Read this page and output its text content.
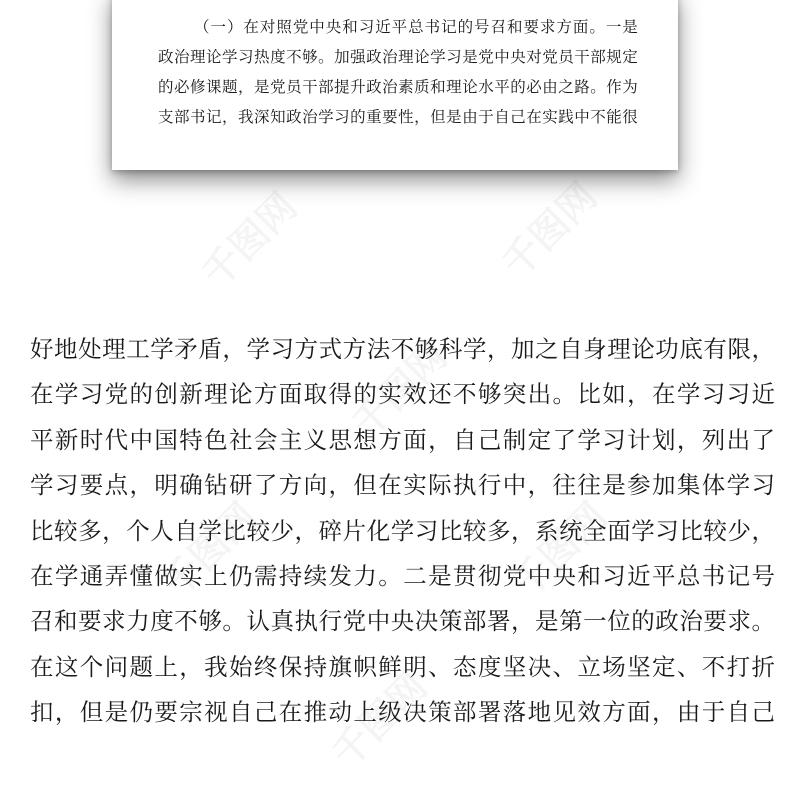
（一）在对照党中央和习近平总书记的号召和要求方面。一是
政治理论学习热度不够。加强政治理论学习是党中央对党员干部规定
的必修课题，是党员干部提升政治素质和理论水平的必由之路。作为
支部书记，我深知政治学习的重要性，但是由于自己在实践中不能很

好地处理工学矛盾，学习方式方法不够科学，加之自身理论功底有限，
在学习党的创新理论方面取得的实效还不够突出。比如，在学习习近
平新时代中国特色社会主义思想方面，自己制定了学习计划，列出了
学习要点，明确钻研了方向，但在实际执行中，往往是参加集体学习
比较多，个人自学比较少，碎片化学习比较多，系统全面学习比较少，
在学通弄懂做实上仍需持续发力。二是贯彻党中央和习近平总书记号
召和要求力度不够。认真执行党中央决策部署，是第一位的政治要求。
在这个问题上，我始终保持旗帜鲜明、态度坚决、立场坚定、不打折
扣，但是仍要宗视自己在推动上级决策部署落地见效方面，由于自己
